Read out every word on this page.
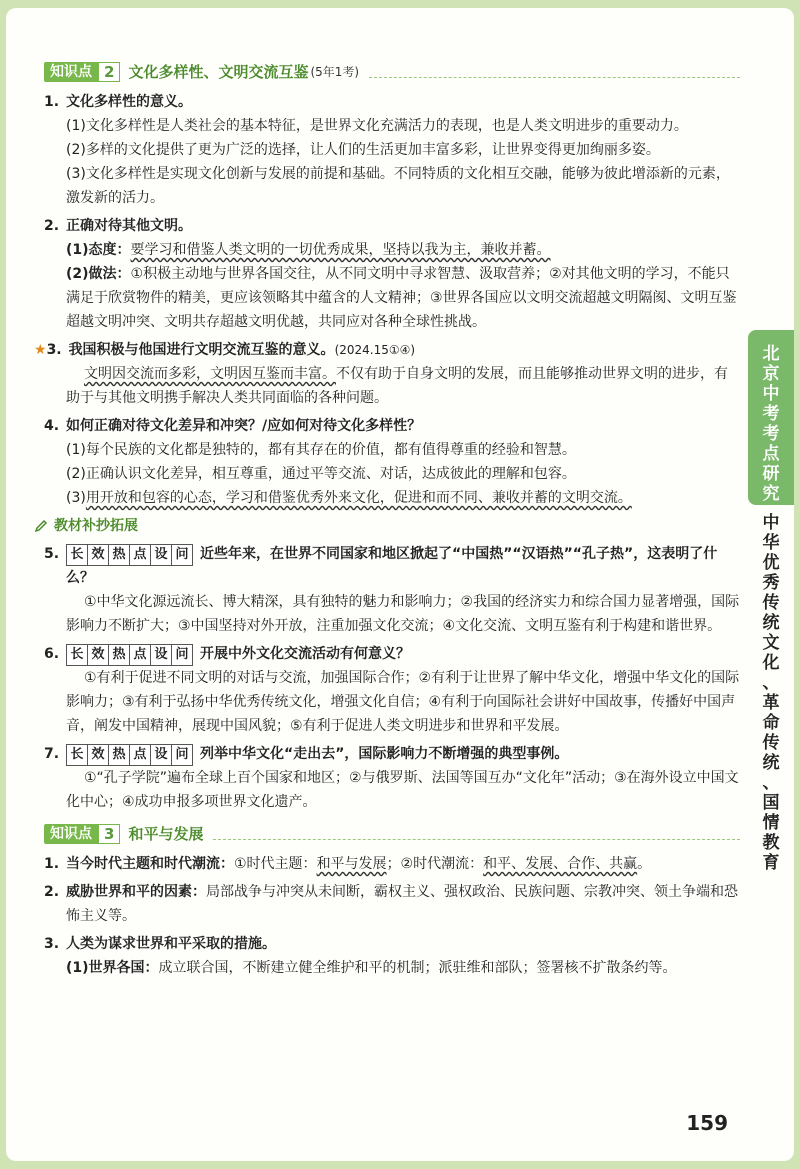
北
京
中
考
考
点
研
究
中
华
优
秀
传
统
文
化
、
革
命
传
统
、
国
情
教
育
知识点 2 文化多样性、文明交流互鉴 (5年1考)
1. 文化多样性的意义。
(1)文化多样性是人类社会的基本特征，是世界文化充满活力的表现，也是人类文明进步的重要动力。
(2)多样的文化提供了更为广泛的选择，让人们的生活更加丰富多彩，让世界变得更加绚丽多姿。
(3)文化多样性是实现文化创新与发展的前提和基础。不同特质的文化相互交融，能够为彼此增添新的元素，激发新的活力。
2. 正确对待其他文明。
(1)态度：要学习和借鉴人类文明的一切优秀成果，坚持以我为主，兼收并蓄。
(2)做法：①积极主动地与世界各国交往，从不同文明中寻求智慧、汲取营养；②对其他文明的学习，不能只满足于欣赏物件的精美，更应该领略其中蕴含的人文精神；③世界各国应以文明交流超越文明隔阂、文明互鉴超越文明冲突、文明共存超越文明优越，共同应对各种全球性挑战。
★ 3. 我国积极与他国进行文明交流互鉴的意义。 (2024.15①④)
文明因交流而多彩，文明因互鉴而丰富。不仅有助于自身文明的发展，而且能够推动世界文明的进步，有助于与其他文明携手解决人类共同面临的各种问题。
4. 如何正确对待文化差异和冲突？/应如何对待文化多样性？
(1)每个民族的文化都是独特的，都有其存在的价值，都有值得尊重的经验和智慧。
(2)正确认识文化差异，相互尊重，通过平等交流、对话，达成彼此的理解和包容。
(3)用开放和包容的心态，学习和借鉴优秀外来文化，促进和而不同、兼收并蓄的文明交流。
教材补抄拓展
5. 长 效 热 点 设 问 近些年来，在世界不同国家和地区掀起了“中国热”“汉语热”“孔子热”，这表明了什么？
①中华文化源远流长、博大精深，具有独特的魅力和影响力；②我国的经济实力和综合国力显著增强，国际影响力不断扩大；③中国坚持对外开放，注重加强文化交流；④文化交流、文明互鉴有利于构建和谐世界。
6. 长 效 热 点 设 问 开展中外文化交流活动有何意义？
①有利于促进不同文明的对话与交流，加强国际合作；②有利于让世界了解中华文化，增强中华文化的国际影响力；③有利于弘扬中华优秀传统文化，增强文化自信；④有利于向国际社会讲好中国故事，传播好中国声音，阐发中国精神，展现中国风貌；⑤有利于促进人类文明进步和世界和平发展。
7. 长 效 热 点 设 问 列举中华文化“走出去”，国际影响力不断增强的典型事例。
①“孔子学院”遍布全球上百个国家和地区；②与俄罗斯、法国等国互办“文化年”活动；③在海外设立中国文化中心；④成功申报多项世界文化遗产。
知识点 3 和平与发展
1. 当今时代主题和时代潮流：①时代主题：和平与发展；②时代潮流：和平、发展、合作、共赢。
2. 威胁世界和平的因素：局部战争与冲突从未间断，霸权主义、强权政治、民族问题、宗教冲突、领土争端和恐怖主义等。
3. 人类为谋求世界和平采取的措施。
(1)世界各国：成立联合国，不断建立健全维护和平的机制；派驻维和部队；签署核不扩散条约等。
159
